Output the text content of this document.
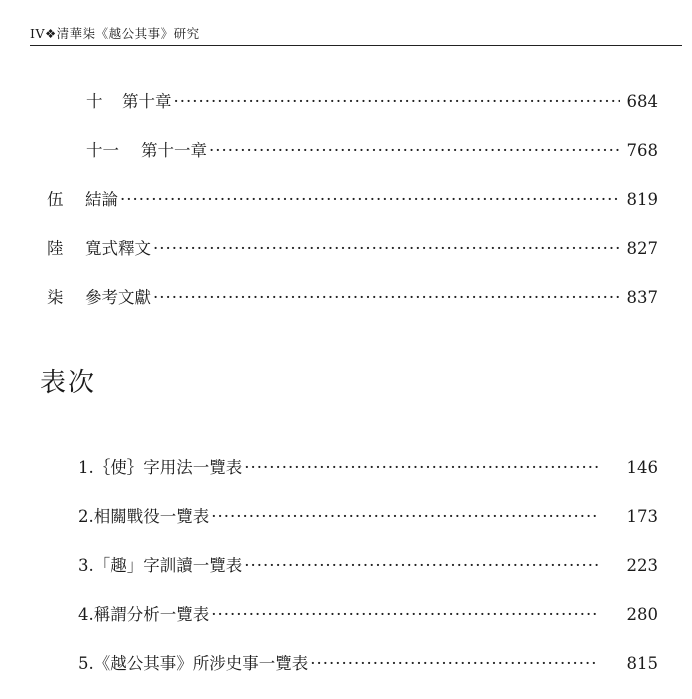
IV❖清華柒《越公其事》研究
十	第十章 ·····	684
十一	第十一章 ·····	768
伍	結論 ·····	819
陸	寬式釋文 ·····	827
柒	參考文獻 ·····	837
表次
1.｛使｝字用法一覽表 ·····	146
2.相關戰役一覽表 ·····	173
3.「趣」字訓讀一覽表 ·····	223
4.稱謂分析一覽表 ·····	280
5.《越公其事》所涉史事一覽表 ·····	815
